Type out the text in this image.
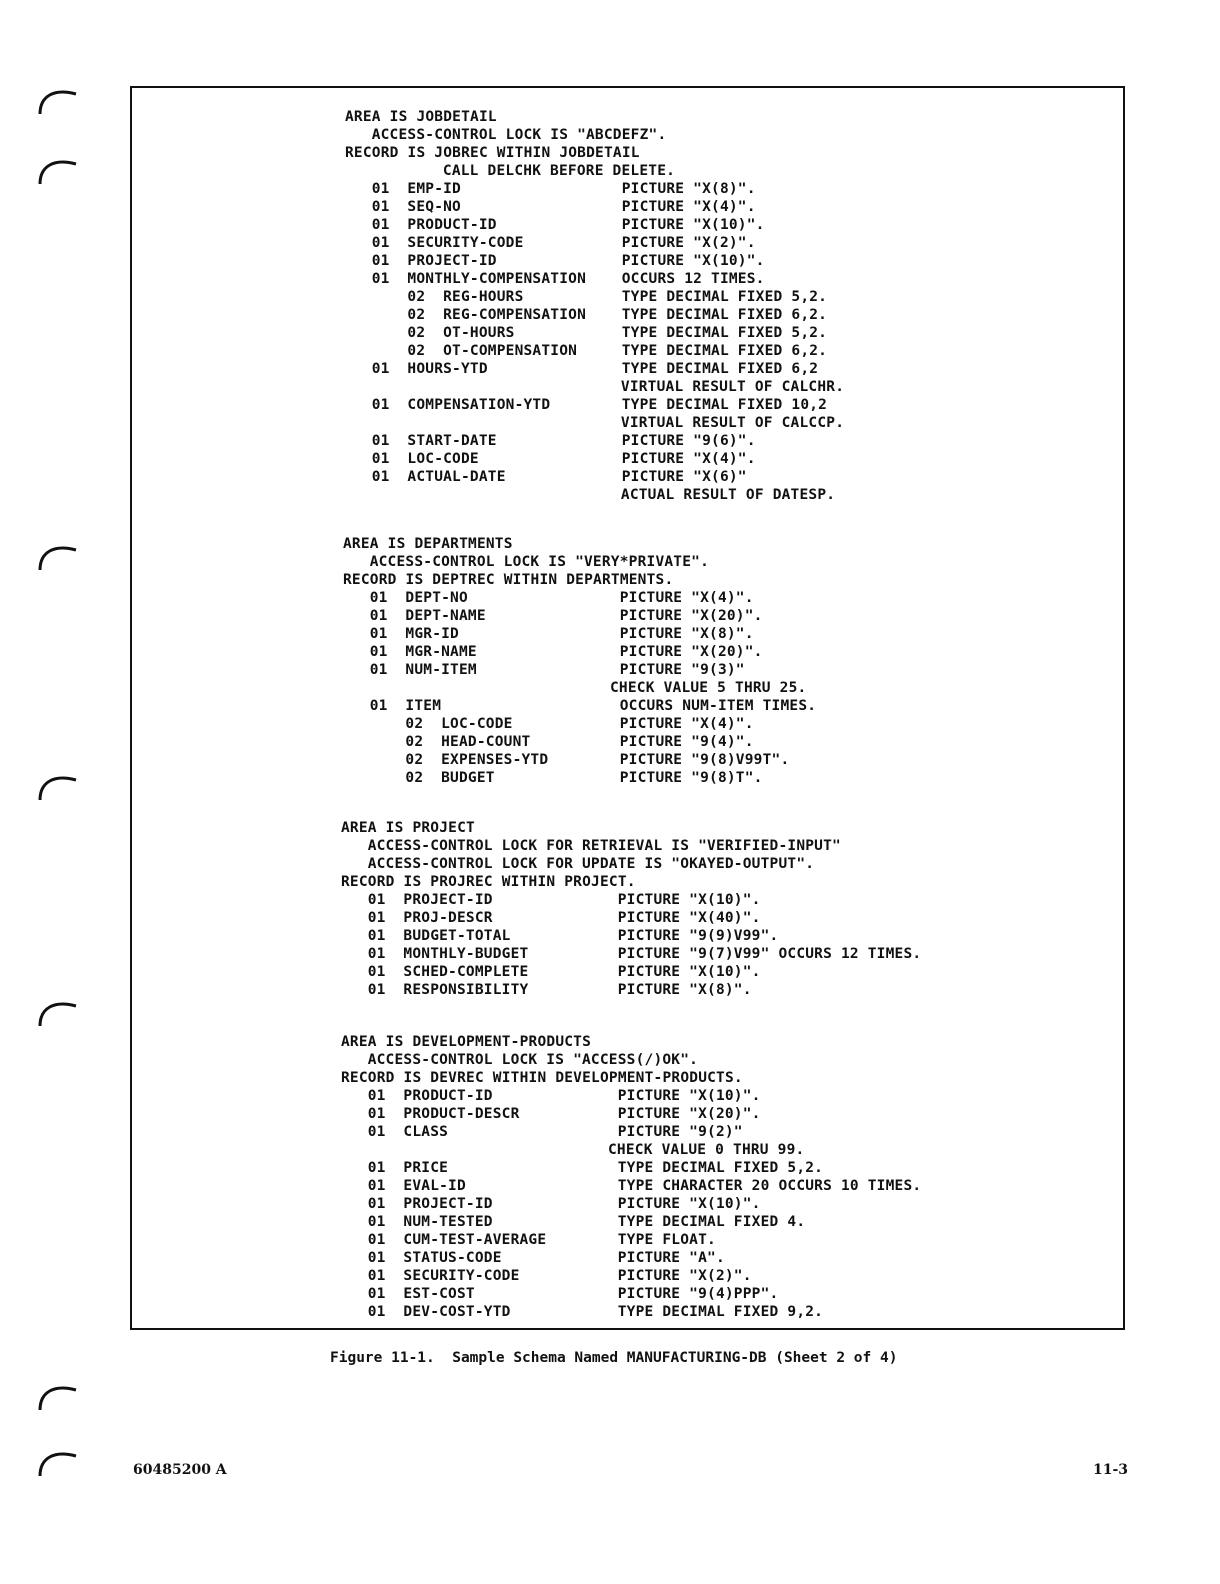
AREA IS JOBDETAIL
ACCESS-CONTROL LOCK IS "ABCDEFZ".
RECORD IS JOBREC WITHIN JOBDETAIL
CALL DELCHK BEFORE DELETE.
01  EMP-ID                  PICTURE "X(8)".
01  SEQ-NO                  PICTURE "X(4)".
01  PRODUCT-ID              PICTURE "X(10)".
01  SECURITY-CODE           PICTURE "X(2)".
01  PROJECT-ID              PICTURE "X(10)".
01  MONTHLY-COMPENSATION    OCCURS 12 TIMES.
02  REG-HOURS           TYPE DECIMAL FIXED 5,2.
02  REG-COMPENSATION    TYPE DECIMAL FIXED 6,2.
02  OT-HOURS            TYPE DECIMAL FIXED 5,2.
02  OT-COMPENSATION     TYPE DECIMAL FIXED 6,2.
01  HOURS-YTD               TYPE DECIMAL FIXED 6,2
VIRTUAL RESULT OF CALCHR.
01  COMPENSATION-YTD        TYPE DECIMAL FIXED 10,2
VIRTUAL RESULT OF CALCCP.
01  START-DATE              PICTURE "9(6)".
01  LOC-CODE                PICTURE "X(4)".
01  ACTUAL-DATE             PICTURE "X(6)"
ACTUAL RESULT OF DATESP.
AREA IS DEPARTMENTS
ACCESS-CONTROL LOCK IS "VERY*PRIVATE".
RECORD IS DEPTREC WITHIN DEPARTMENTS.
01  DEPT-NO                 PICTURE "X(4)".
01  DEPT-NAME               PICTURE "X(20)".
01  MGR-ID                  PICTURE "X(8)".
01  MGR-NAME                PICTURE "X(20)".
01  NUM-ITEM                PICTURE "9(3)"
CHECK VALUE 5 THRU 25.
01  ITEM                    OCCURS NUM-ITEM TIMES.
02  LOC-CODE            PICTURE "X(4)".
02  HEAD-COUNT          PICTURE "9(4)".
02  EXPENSES-YTD        PICTURE "9(8)V99T".
02  BUDGET              PICTURE "9(8)T".
AREA IS PROJECT
ACCESS-CONTROL LOCK FOR RETRIEVAL IS "VERIFIED-INPUT"
ACCESS-CONTROL LOCK FOR UPDATE IS "OKAYED-OUTPUT".
RECORD IS PROJREC WITHIN PROJECT.
01  PROJECT-ID              PICTURE "X(10)".
01  PROJ-DESCR              PICTURE "X(40)".
01  BUDGET-TOTAL            PICTURE "9(9)V99".
01  MONTHLY-BUDGET          PICTURE "9(7)V99" OCCURS 12 TIMES.
01  SCHED-COMPLETE          PICTURE "X(10)".
01  RESPONSIBILITY          PICTURE "X(8)".
AREA IS DEVELOPMENT-PRODUCTS
ACCESS-CONTROL LOCK IS "ACCESS(/)OK".
RECORD IS DEVREC WITHIN DEVELOPMENT-PRODUCTS.
01  PRODUCT-ID              PICTURE "X(10)".
01  PRODUCT-DESCR           PICTURE "X(20)".
01  CLASS                   PICTURE "9(2)"
CHECK VALUE 0 THRU 99.
01  PRICE                   TYPE DECIMAL FIXED 5,2.
01  EVAL-ID                 TYPE CHARACTER 20 OCCURS 10 TIMES.
01  PROJECT-ID              PICTURE "X(10)".
01  NUM-TESTED              TYPE DECIMAL FIXED 4.
01  CUM-TEST-AVERAGE        TYPE FLOAT.
01  STATUS-CODE             PICTURE "A".
01  SECURITY-CODE           PICTURE "X(2)".
01  EST-COST                PICTURE "9(4)PPP".
01  DEV-COST-YTD            TYPE DECIMAL FIXED 9,2.
Figure 11-1.  Sample Schema Named MANUFACTURING-DB (Sheet 2 of 4)
60485200 A	11-3
